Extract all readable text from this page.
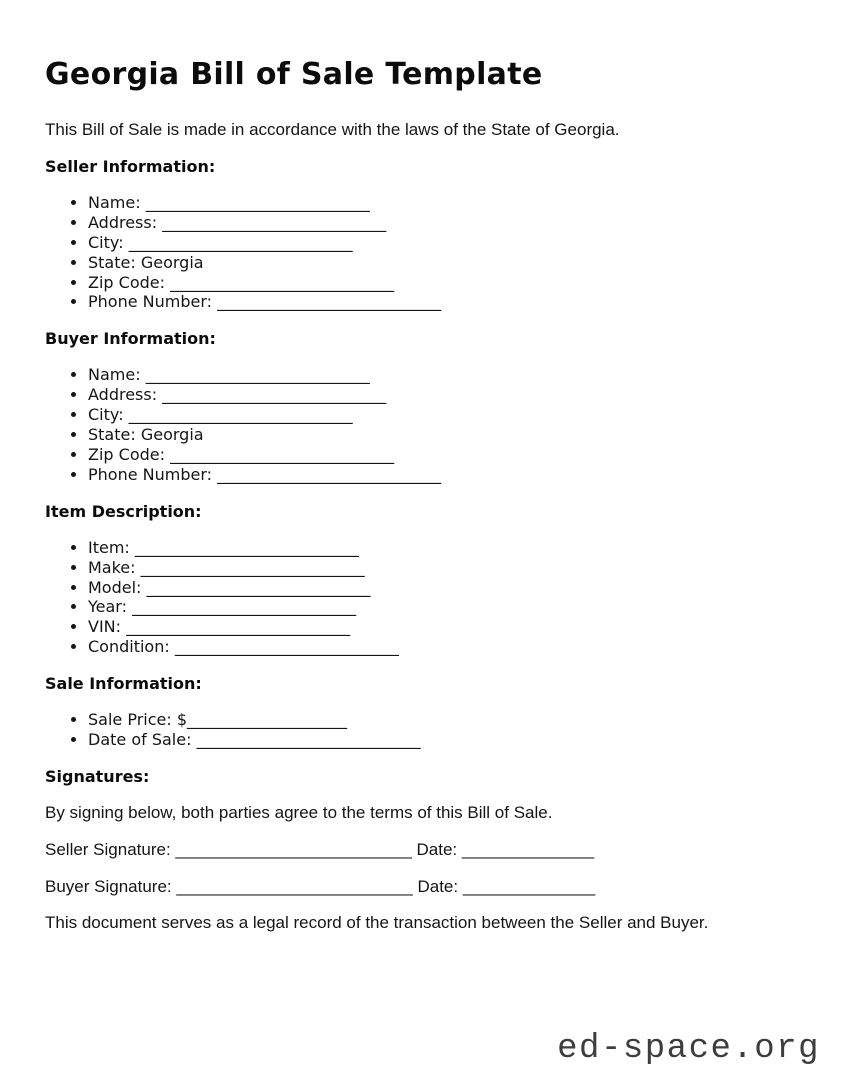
Georgia Bill of Sale Template

This Bill of Sale is made in accordance with the laws of the State of Georgia.

Seller Information:
• Name: ____________________________
• Address: ____________________________
• City: ____________________________
• State: Georgia
• Zip Code: ____________________________
• Phone Number: ____________________________
Buyer Information:
• Name: ____________________________
• Address: ____________________________
• City: ____________________________
• State: Georgia
• Zip Code: ____________________________
• Phone Number: ____________________________
Item Description:
• Item: ____________________________
• Make: ____________________________
• Model: ____________________________
• Year: ____________________________
• VIN: ____________________________
• Condition: ____________________________
Sale Information:
• Sale Price: $____________________
• Date of Sale: ____________________________
Signatures:

By signing below, both parties agree to the terms of this Bill of Sale.

Seller Signature: _________________________ Date: ______________

Buyer Signature: _________________________ Date: ______________

This document serves as a legal record of the transaction between the Seller and Buyer.

ed-space.org
